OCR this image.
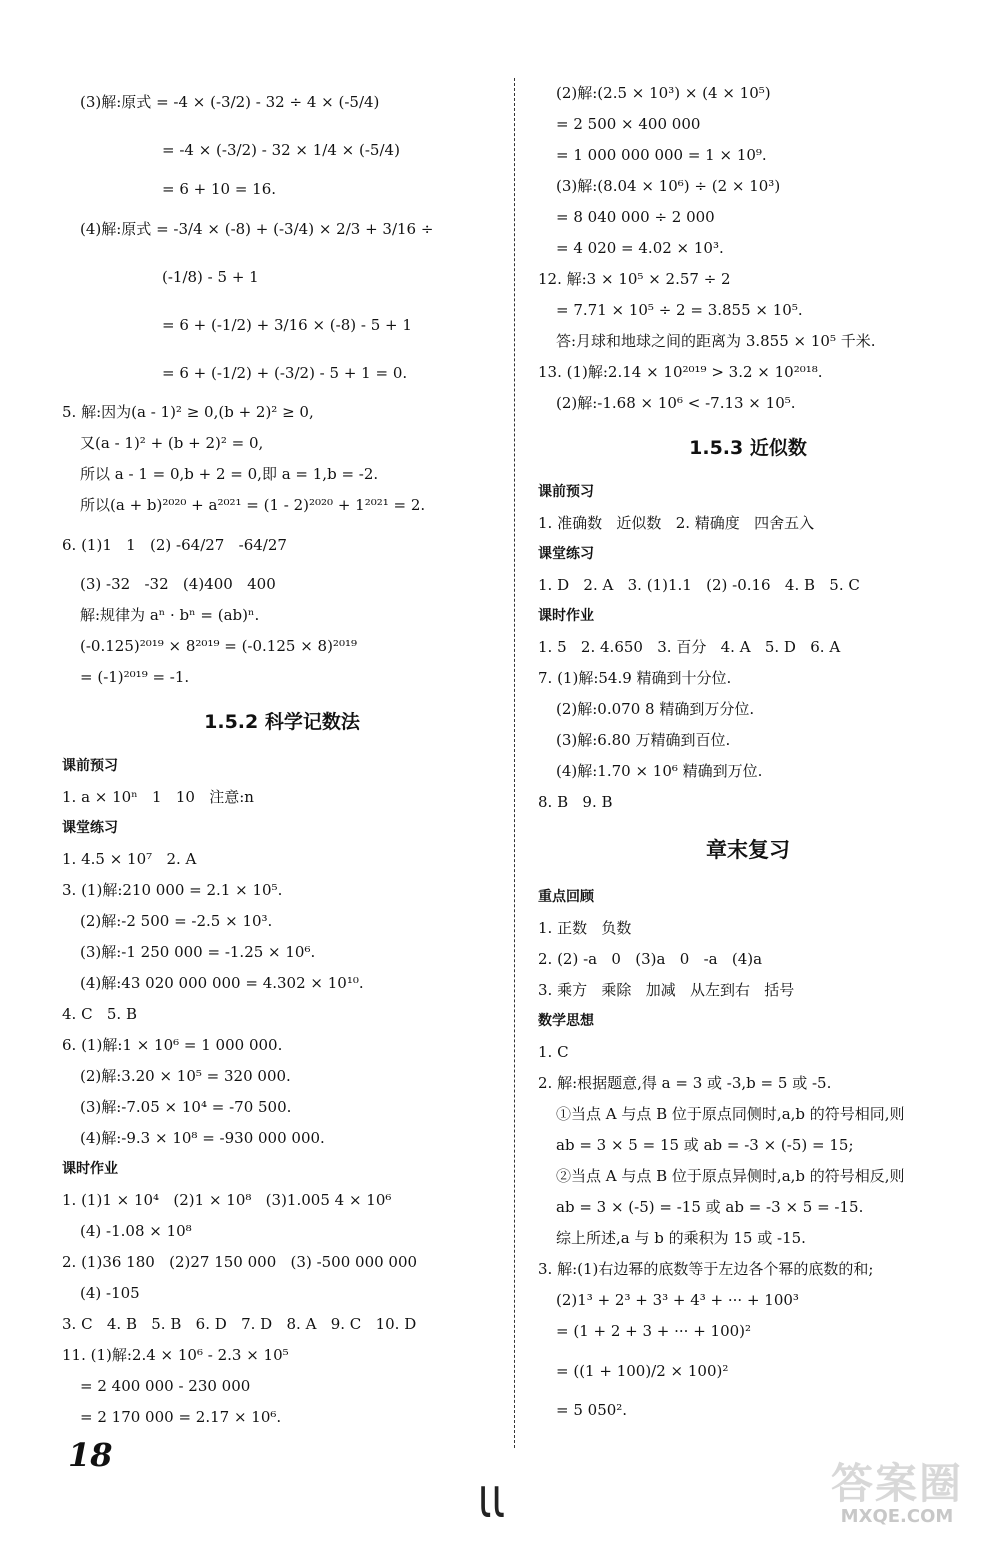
(3)解:原式 = -4 × (-3/2) - 32 ÷ 4 × (-5/4)
= -4 × (-3/2) - 32 × 1/4 × (-5/4)
= 6 + 10 = 16.
(4)解:原式 = -3/4 × (-8) + (-3/4) × 2/3 + 3/16 ÷
(-1/8) - 5 + 1
= 6 + (-1/2) + 3/16 × (-8) - 5 + 1
= 6 + (-1/2) + (-3/2) - 5 + 1 = 0.
5. 解:因为(a - 1)² ≥ 0,(b + 2)² ≥ 0,
又(a - 1)² + (b + 2)² = 0,
所以 a - 1 = 0,b + 2 = 0,即 a = 1,b = -2.
所以(a + b)²⁰²⁰ + a²⁰²¹ = (1 - 2)²⁰²⁰ + 1²⁰²¹ = 2.
6. (1)1   1   (2) -64/27   -64/27
(3) -32   -32   (4)400   400
解:规律为 aⁿ · bⁿ = (ab)ⁿ.
(-0.125)²⁰¹⁹ × 8²⁰¹⁹ = (-0.125 × 8)²⁰¹⁹
= (-1)²⁰¹⁹ = -1.
1.5.2 科学记数法
课前预习
1. a × 10ⁿ   1   10   注意:n
课堂练习
1. 4.5 × 10⁷   2. A
3. (1)解:210 000 = 2.1 × 10⁵.
(2)解:-2 500 = -2.5 × 10³.
(3)解:-1 250 000 = -1.25 × 10⁶.
(4)解:43 020 000 000 = 4.302 × 10¹⁰.
4. C   5. B
6. (1)解:1 × 10⁶ = 1 000 000.
(2)解:3.20 × 10⁵ = 320 000.
(3)解:-7.05 × 10⁴ = -70 500.
(4)解:-9.3 × 10⁸ = -930 000 000.
课时作业
1. (1)1 × 10⁴   (2)1 × 10⁸   (3)1.005 4 × 10⁶
(4) -1.08 × 10⁸
2. (1)36 180   (2)27 150 000   (3) -500 000 000
(4) -105
3. C   4. B   5. B   6. D   7. D   8. A   9. C   10. D
11. (1)解:2.4 × 10⁶ - 2.3 × 10⁵
= 2 400 000 - 230 000
= 2 170 000 = 2.17 × 10⁶.
(2)解:(2.5 × 10³) × (4 × 10⁵)
= 2 500 × 400 000
= 1 000 000 000 = 1 × 10⁹.
(3)解:(8.04 × 10⁶) ÷ (2 × 10³)
= 8 040 000 ÷ 2 000
= 4 020 = 4.02 × 10³.
12. 解:3 × 10⁵ × 2.57 ÷ 2
= 7.71 × 10⁵ ÷ 2 = 3.855 × 10⁵.
答:月球和地球之间的距离为 3.855 × 10⁵ 千米.
13. (1)解:2.14 × 10²⁰¹⁹ > 3.2 × 10²⁰¹⁸.
(2)解:-1.68 × 10⁶ < -7.13 × 10⁵.
1.5.3 近似数
课前预习
1. 准确数   近似数   2. 精确度   四舍五入
课堂练习
1. D   2. A   3. (1)1.1   (2) -0.16   4. B   5. C
课时作业
1. 5   2. 4.650   3. 百分   4. A   5. D   6. A
7. (1)解:54.9 精确到十分位.
(2)解:0.070 8 精确到万分位.
(3)解:6.80 万精确到百位.
(4)解:1.70 × 10⁶ 精确到万位.
8. B   9. B
章末复习
重点回顾
1. 正数   负数
2. (2) -a   0   (3)a   0   -a   (4)a
3. 乘方   乘除   加减   从左到右   括号
数学思想
1. C
2. 解:根据题意,得 a = 3 或 -3,b = 5 或 -5.
①当点 A 与点 B 位于原点同侧时,a,b 的符号相同,则
ab = 3 × 5 = 15 或 ab = -3 × (-5) = 15;
②当点 A 与点 B 位于原点异侧时,a,b 的符号相反,则
ab = 3 × (-5) = -15 或 ab = -3 × 5 = -15.
综上所述,a 与 b 的乘积为 15 或 -15.
3. 解:(1)右边幂的底数等于左边各个幂的底数的和;
(2)1³ + 2³ + 3³ + 4³ + ··· + 100³
= (1 + 2 + 3 + ··· + 100)²
= ((1 + 100)/2 × 100)²
= 5 050².
18
ιι	答案圈
MXQE.COM
